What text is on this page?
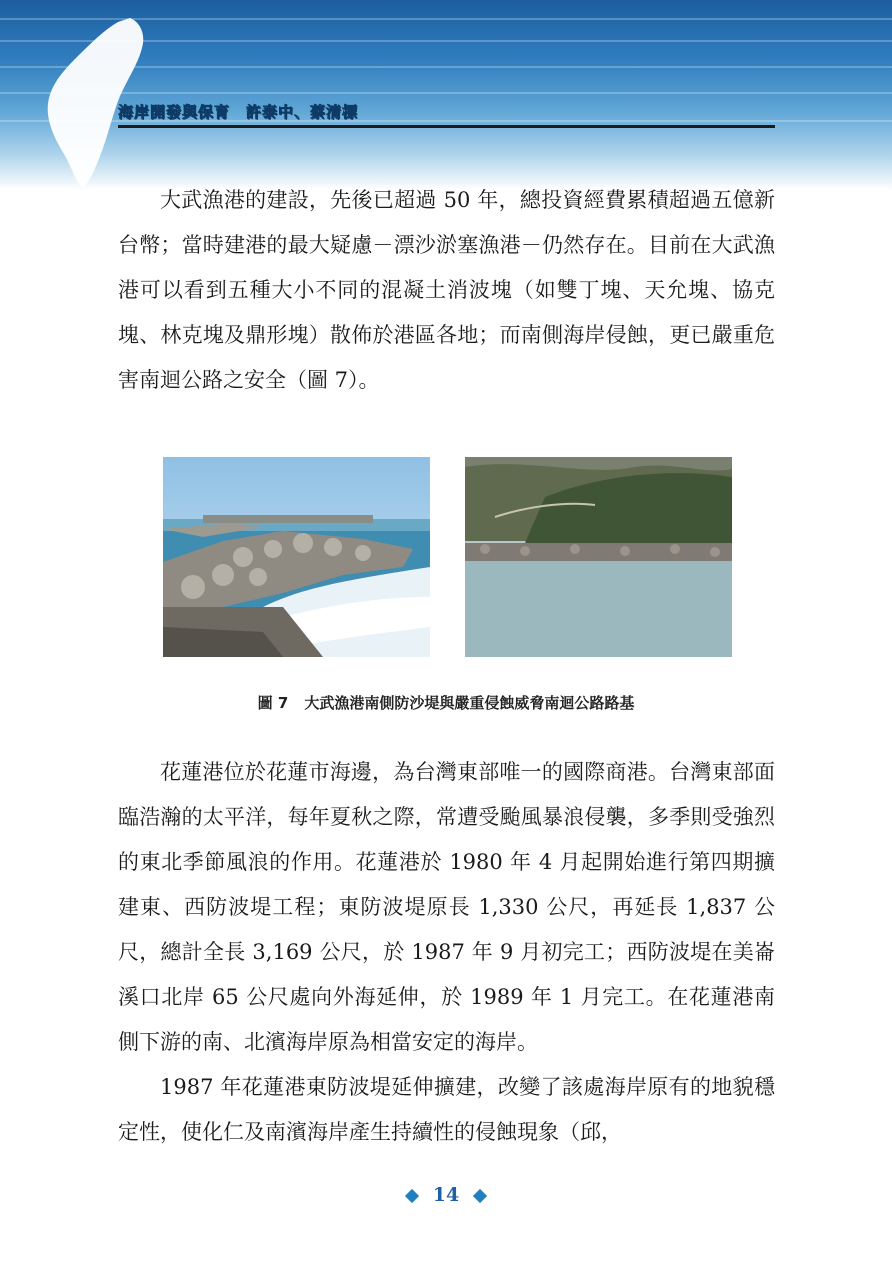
海岸開發與保育　許泰中、蔡清標

大武漁港的建設，先後已超過 50 年，總投資經費累積超過五億新台幣；當時建港的最大疑慮－漂沙淤塞漁港－仍然存在。目前在大武漁港可以看到五種大小不同的混凝土消波塊（如雙丁塊、天允塊、協克塊、林克塊及鼎形塊）散佈於港區各地；而南側海岸侵蝕，更已嚴重危害南迴公路之安全（圖 7）。

圖 7 大武漁港南側防沙堤與嚴重侵蝕威脅南迴公路路基

花蓮港位於花蓮市海邊，為台灣東部唯一的國際商港。台灣東部面臨浩瀚的太平洋，每年夏秋之際，常遭受颱風暴浪侵襲，多季則受強烈的東北季節風浪的作用。花蓮港於 1980 年 4 月起開始進行第四期擴建東、西防波堤工程；東防波堤原長 1,330 公尺，再延長 1,837 公尺，總計全長 3,169 公尺，於 1987 年 9 月初完工；西防波堤在美崙溪口北岸 65 公尺處向外海延伸，於 1989 年 1 月完工。在花蓮港南側下游的南、北濱海岸原為相當安定的海岸。

1987 年花蓮港東防波堤延伸擴建，改變了該處海岸原有的地貌穩定性，使化仁及南濱海岸產生持續性的侵蝕現象（邱，

14
